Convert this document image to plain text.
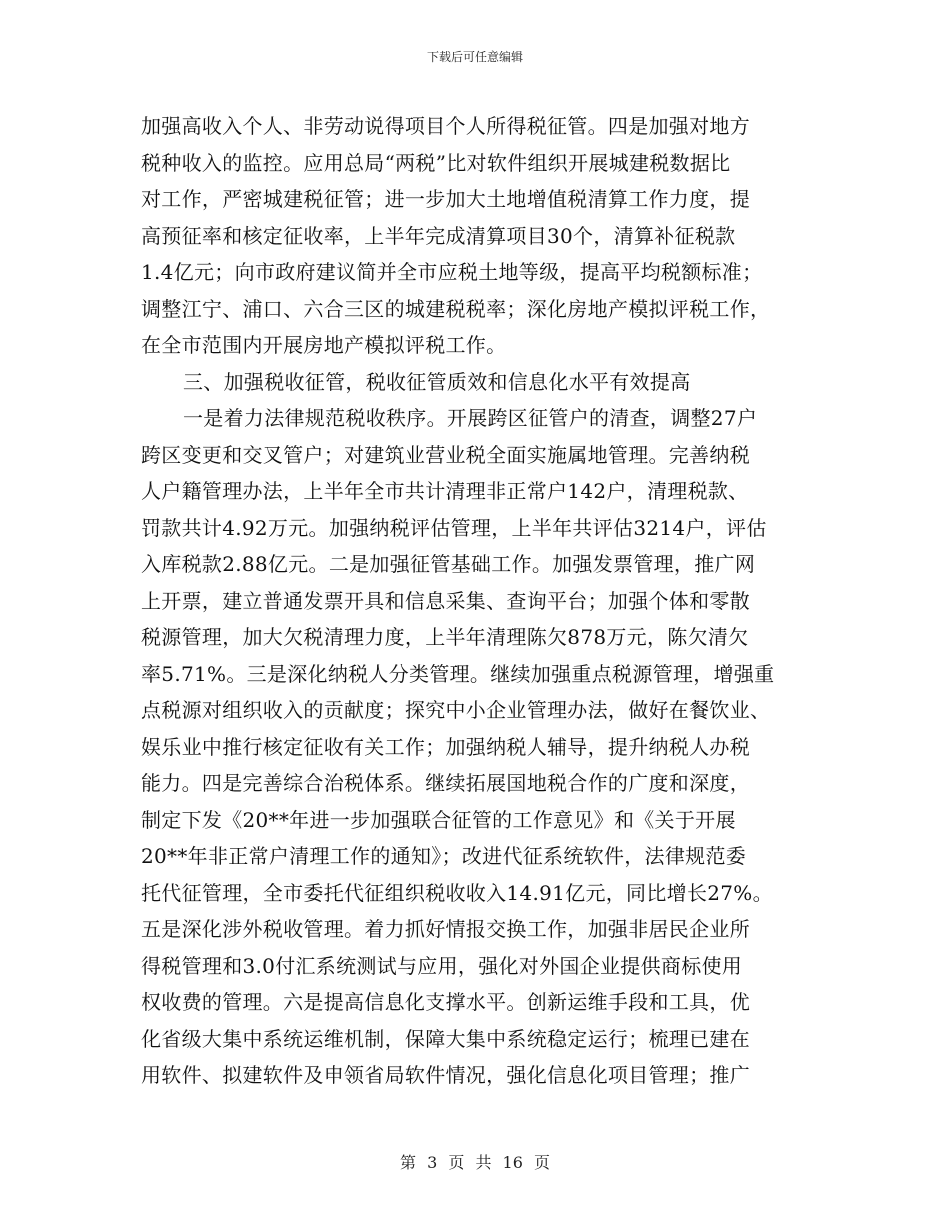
下载后可任意编辑
加强高收入个人、非劳动说得项目个人所得税征管。四是加强对地方
税种收入的监控。应用总局“两税”比对软件组织开展城建税数据比
对工作，严密城建税征管；进一步加大土地增值税清算工作力度，提
高预征率和核定征收率，上半年完成清算项目30个，清算补征税款
1.4亿元；向市政府建议简并全市应税土地等级，提高平均税额标准；
调整江宁、浦口、六合三区的城建税税率；深化房地产模拟评税工作，
在全市范围内开展房地产模拟评税工作。
三、加强税收征管，税收征管质效和信息化水平有效提高
一是着力法律规范税收秩序。开展跨区征管户的清查，调整27户
跨区变更和交叉管户；对建筑业营业税全面实施属地管理。完善纳税
人户籍管理办法，上半年全市共计清理非正常户142户，清理税款、
罚款共计4.92万元。加强纳税评估管理，上半年共评估3214户，评估
入库税款2.88亿元。二是加强征管基础工作。加强发票管理，推广网
上开票，建立普通发票开具和信息采集、查询平台；加强个体和零散
税源管理，加大欠税清理力度，上半年清理陈欠878万元，陈欠清欠
率5.71%。三是深化纳税人分类管理。继续加强重点税源管理，增强重
点税源对组织收入的贡献度；探究中小企业管理办法，做好在餐饮业、
娱乐业中推行核定征收有关工作；加强纳税人辅导，提升纳税人办税
能力。四是完善综合治税体系。继续拓展国地税合作的广度和深度，
制定下发《20**年进一步加强联合征管的工作意见》和《关于开展
20**年非正常户清理工作的通知》；改进代征系统软件，法律规范委
托代征管理，全市委托代征组织税收收入14.91亿元，同比增长27%。
五是深化涉外税收管理。着力抓好情报交换工作，加强非居民企业所
得税管理和3.0付汇系统测试与应用，强化对外国企业提供商标使用
权收费的管理。六是提高信息化支撑水平。创新运维手段和工具，优
化省级大集中系统运维机制，保障大集中系统稳定运行；梳理已建在
用软件、拟建软件及申领省局软件情况，强化信息化项目管理；推广
第 3 页 共 16 页
